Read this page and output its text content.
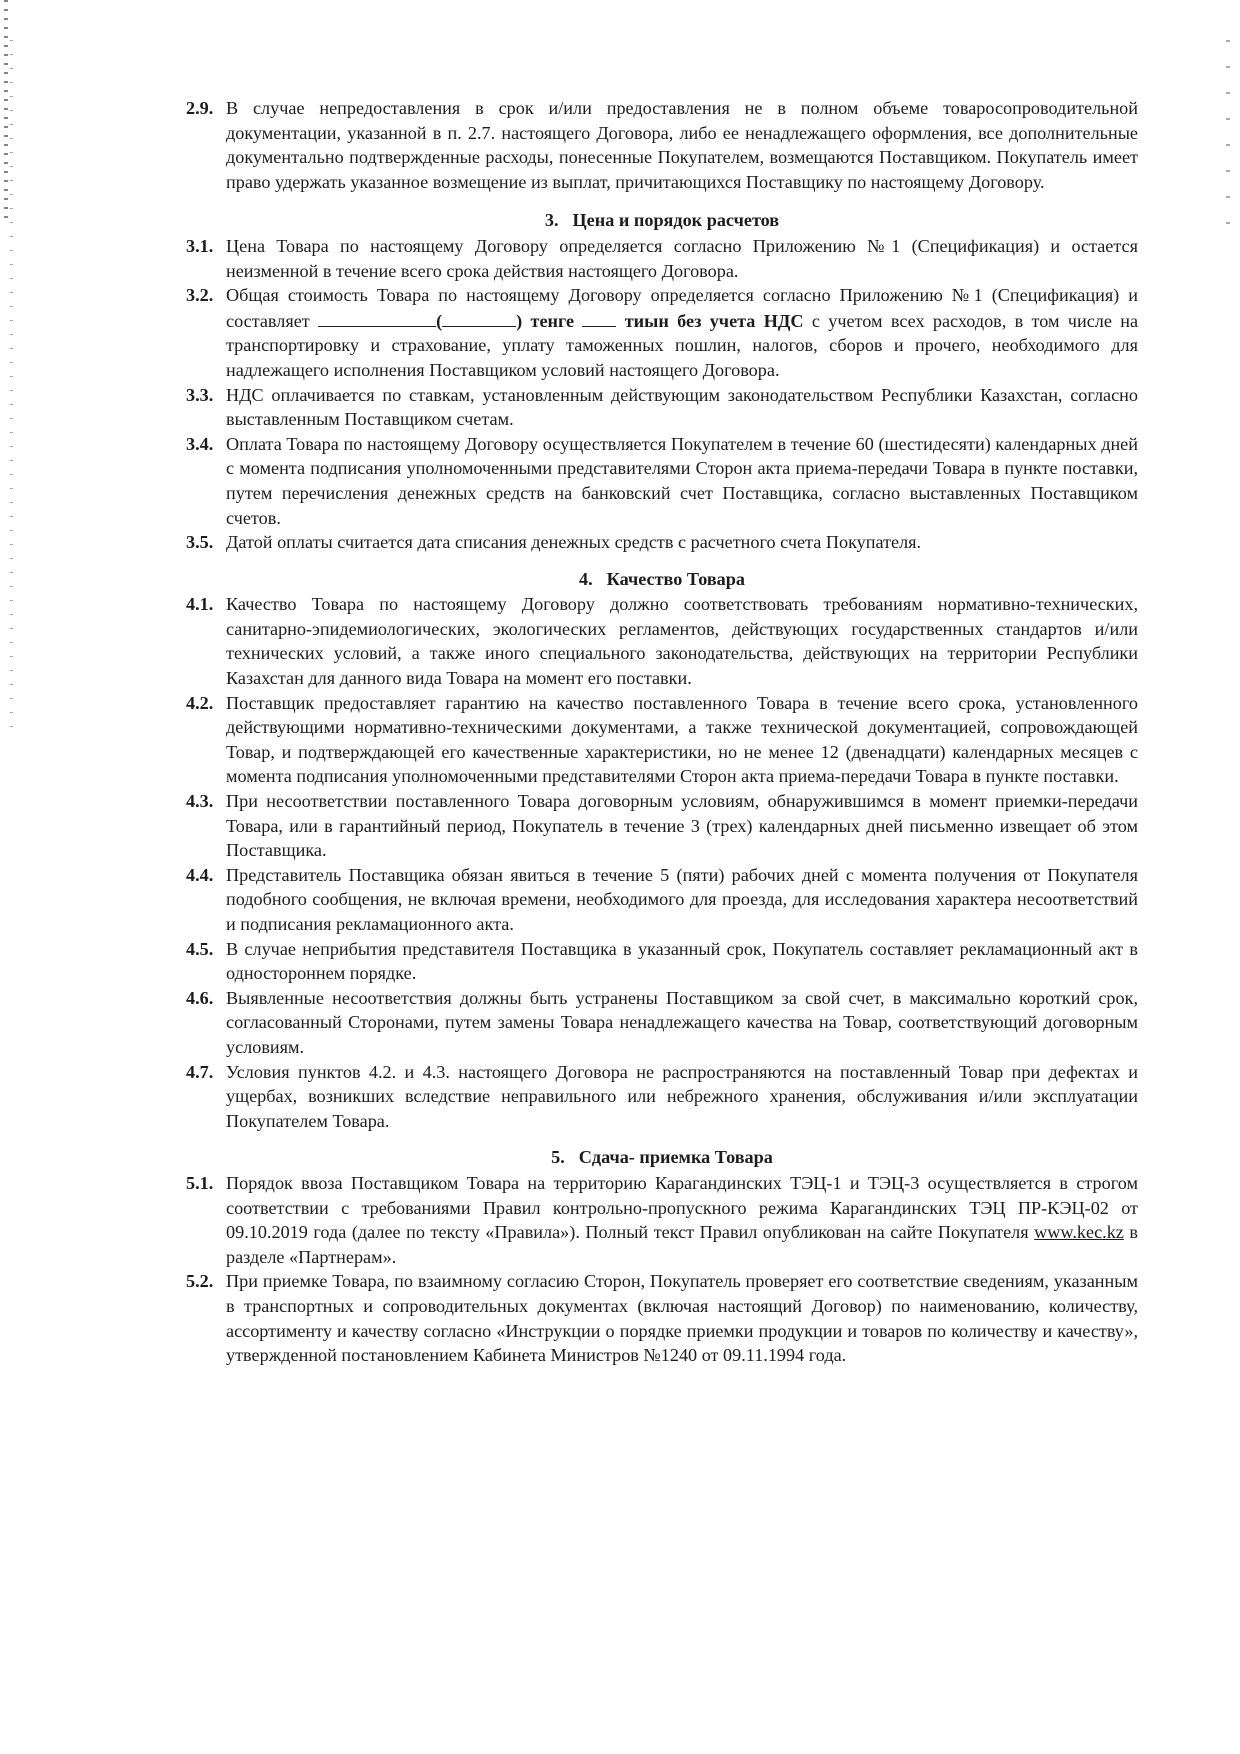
2.9. В случае непредоставления в срок и/или предоставления не в полном объеме товаросопроводительной документации, указанной в п. 2.7. настоящего Договора, либо ее ненадлежащего оформления, все дополнительные документально подтвержденные расходы, понесенные Покупателем, возмещаются Поставщиком. Покупатель имеет право удержать указанное возмещение из выплат, причитающихся Поставщику по настоящему Договору.
3. Цена и порядок расчетов
3.1. Цена Товара по настоящему Договору определяется согласно Приложению №1 (Спецификация) и остается неизменной в течение всего срока действия настоящего Договора.
3.2. Общая стоимость Товара по настоящему Договору определяется согласно Приложению №1 (Спецификация) и составляет	(	) тенге	тиын без учета НДС с учетом всех расходов, в том числе на транспортировку и страхование, уплату таможенных пошлин, налогов, сборов и прочего, необходимого для надлежащего исполнения Поставщиком условий настоящего Договора.
3.3. НДС оплачивается по ставкам, установленным действующим законодательством Республики Казахстан, согласно выставленным Поставщиком счетам.
3.4. Оплата Товара по настоящему Договору осуществляется Покупателем в течение 60 (шестидесяти) календарных дней с момента подписания уполномоченными представителями Сторон акта приема-передачи Товара в пункте поставки, путем перечисления денежных средств на банковский счет Поставщика, согласно выставленных Поставщиком счетов.
3.5. Датой оплаты считается дата списания денежных средств с расчетного счета Покупателя.
4. Качество Товара
4.1. Качество Товара по настоящему Договору должно соответствовать требованиям нормативно-технических, санитарно-эпидемиологических, экологических регламентов, действующих государственных стандартов и/или технических условий, а также иного специального законодательства, действующих на территории Республики Казахстан для данного вида Товара на момент его поставки.
4.2. Поставщик предоставляет гарантию на качество поставленного Товара в течение всего срока, установленного действующими нормативно-техническими документами, а также технической документацией, сопровождающей Товар, и подтверждающей его качественные характеристики, но не менее 12 (двенадцати) календарных месяцев с момента подписания уполномоченными представителями Сторон акта приема-передачи Товара в пункте поставки.
4.3. При несоответствии поставленного Товара договорным условиям, обнаружившимся в момент приемки-передачи Товара, или в гарантийный период, Покупатель в течение 3 (трех) календарных дней письменно извещает об этом Поставщика.
4.4. Представитель Поставщика обязан явиться в течение 5 (пяти) рабочих дней с момента получения от Покупателя подобного сообщения, не включая времени, необходимого для проезда, для исследования характера несоответствий и подписания рекламационного акта.
4.5. В случае неприбытия представителя Поставщика в указанный срок, Покупатель составляет рекламационный акт в одностороннем порядке.
4.6. Выявленные несоответствия должны быть устранены Поставщиком за свой счет, в максимально короткий срок, согласованный Сторонами, путем замены Товара ненадлежащего качества на Товар, соответствующий договорным условиям.
4.7. Условия пунктов 4.2. и 4.3. настоящего Договора не распространяются на поставленный Товар при дефектах и ущербах, возникших вследствие неправильного или небрежного хранения, обслуживания и/или эксплуатации Покупателем Товара.
5. Сдача- приемка Товара
5.1. Порядок ввоза Поставщиком Товара на территорию Карагандинских ТЭЦ-1 и ТЭЦ-3 осуществляется в строгом соответствии с требованиями Правил контрольно-пропускного режима Карагандинских ТЭЦ ПР-КЭЦ-02 от 09.10.2019 года (далее по тексту «Правила»). Полный текст Правил опубликован на сайте Покупателя www.kec.kz в разделе «Партнерам».
5.2. При приемке Товара, по взаимному согласию Сторон, Покупатель проверяет его соответствие сведениям, указанным в транспортных и сопроводительных документах (включая настоящий Договор) по наименованию, количеству, ассортименту и качеству согласно «Инструкции о порядке приемки продукции и товаров по количеству и качеству», утвержденной постановлением Кабинета Министров №1240 от 09.11.1994 года.
